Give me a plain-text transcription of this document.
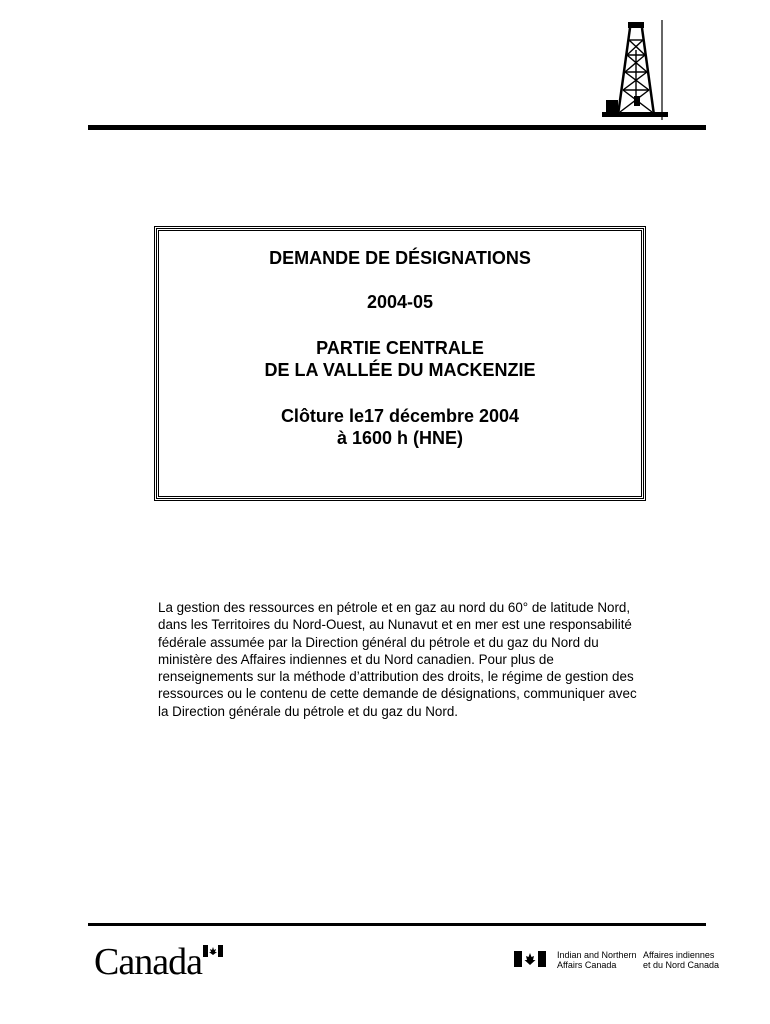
DEMANDE DE DÉSIGNATIONS
2004-05
PARTIE CENTRALE
DE LA VALLÉE DU MACKENZIE
Clôture le17 décembre 2004
à 1600 h (HNE)
La gestion des ressources en pétrole et en gaz au nord du 60° de latitude Nord, dans les Territoires du Nord-Ouest, au Nunavut et en mer est une responsabilité fédérale assumée par la Direction général du pétrole et du gaz du Nord du ministère des Affaires indiennes et du Nord canadien. Pour plus de renseignements sur la méthode d’attribution des droits, le régime de gestion des ressources ou le contenu de cette demande de désignations, communiquer avec la Direction générale du pétrole et du gaz du Nord.
Canada	Indian and Northern
Affairs Canada
Affaires indiennes
et du Nord Canada
